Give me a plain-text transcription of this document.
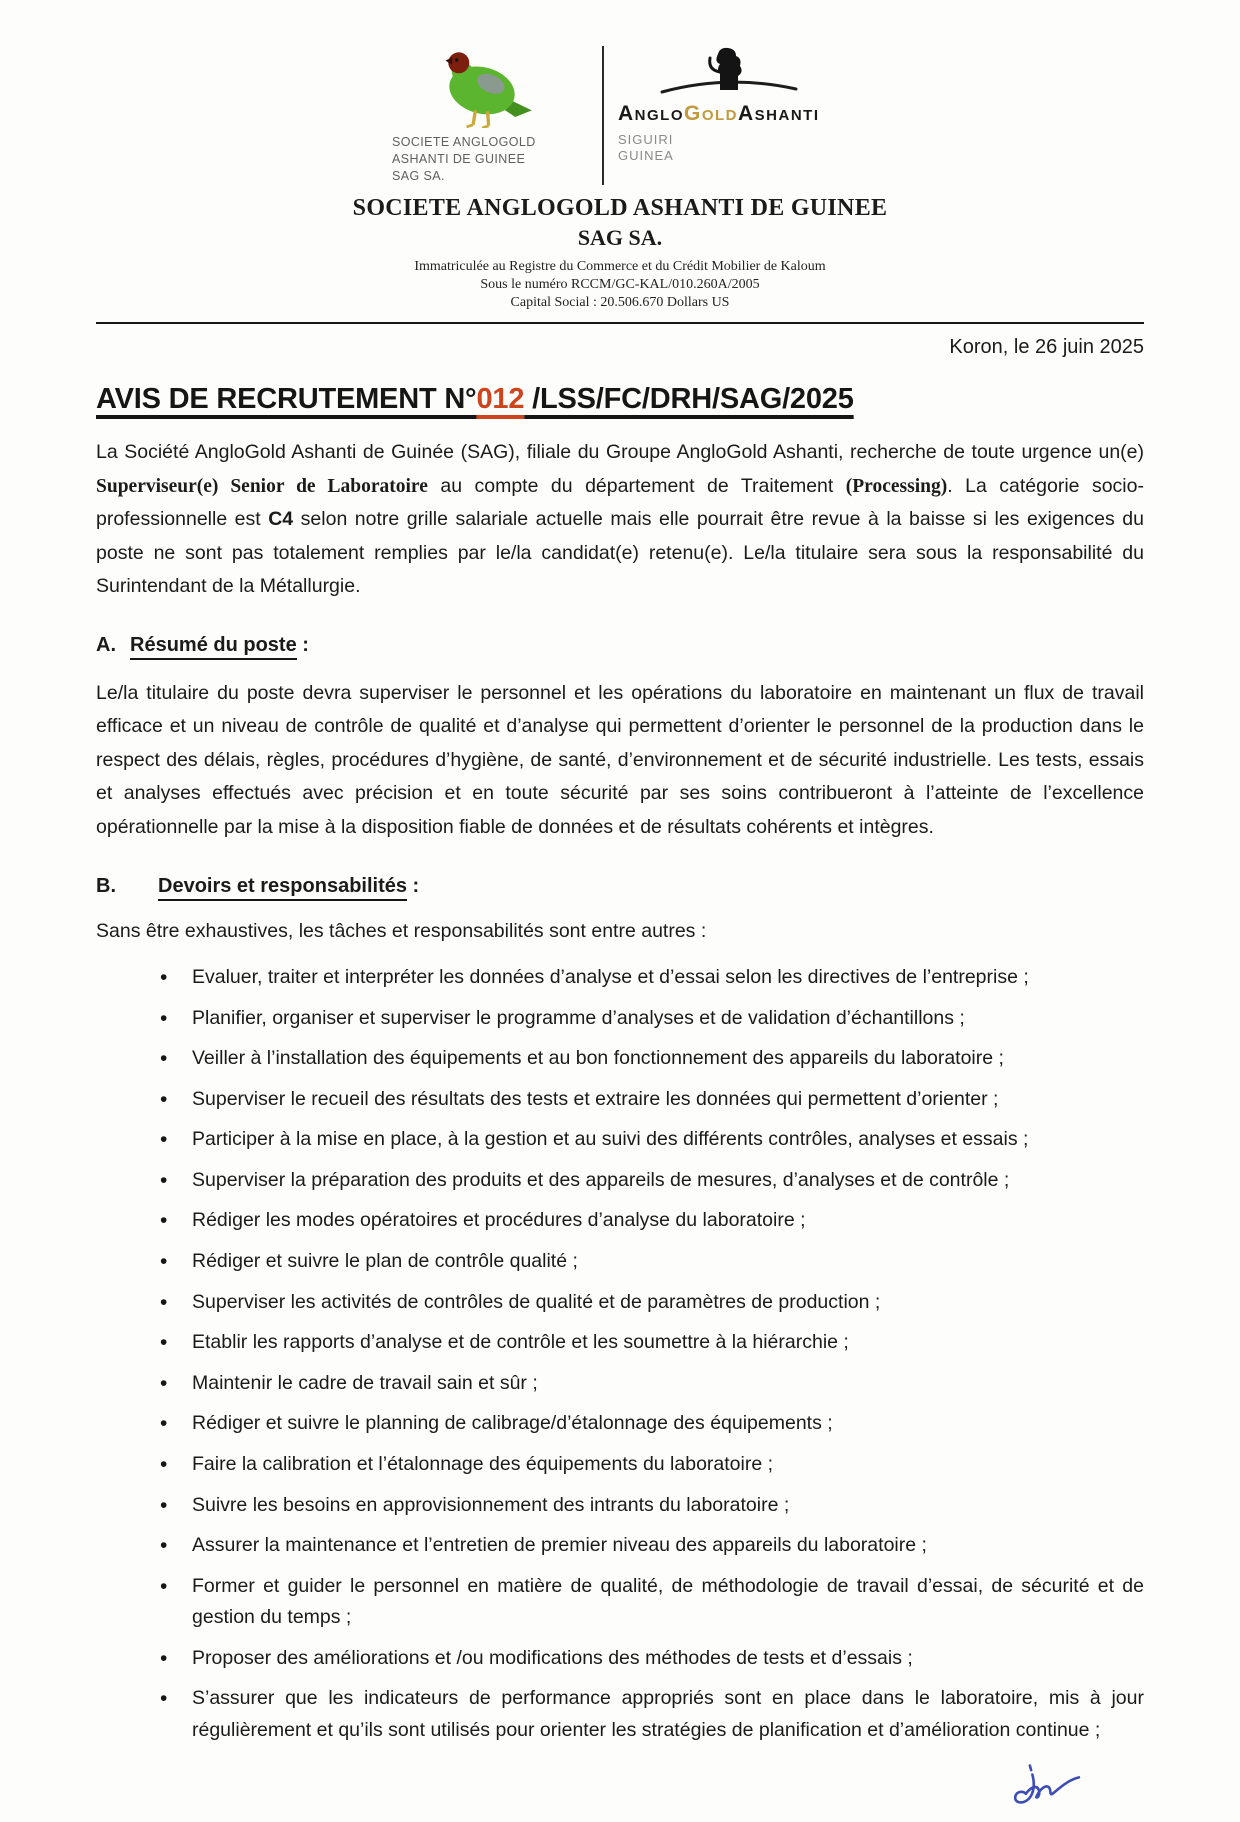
SOCIETE ANGLOGOLD
ASHANTI DE GUINEE
SAG SA.
AngloGoldAshanti
SIGUIRI
GUINEA
SOCIETE ANGLOGOLD ASHANTI DE GUINEE
SAG SA.
Immatriculée au Registre du Commerce et du Crédit Mobilier de Kaloum
Sous le numéro RCCM/GC-KAL/010.260A/2005
Capital Social : 20.506.670 Dollars US
Koron, le 26 juin 2025
AVIS DE RECRUTEMENT N°012 /LSS/FC/DRH/SAG/2025

La Société AngloGold Ashanti de Guinée (SAG), filiale du Groupe AngloGold Ashanti, recherche de toute urgence un(e) Superviseur(e) Senior de Laboratoire au compte du département de Traitement (Processing). La catégorie socio-professionnelle est C4 selon notre grille salariale actuelle mais elle pourrait être revue à la baisse si les exigences du poste ne sont pas totalement remplies par le/la candidat(e) retenu(e). Le/la titulaire sera sous la responsabilité du Surintendant de la Métallurgie.

A. Résumé du poste :

Le/la titulaire du poste devra superviser le personnel et les opérations du laboratoire en maintenant un flux de travail efficace et un niveau de contrôle de qualité et d’analyse qui permettent d’orienter le personnel de la production dans le respect des délais, règles, procédures d’hygiène, de santé, d’environnement et de sécurité industrielle. Les tests, essais et analyses effectués avec précision et en toute sécurité par ses soins contribueront à l’atteinte de l’excellence opérationnelle par la mise à la disposition fiable de données et de résultats cohérents et intègres.

B.	Devoirs et responsabilités :

Sans être exhaustives, les tâches et responsabilités sont entre autres :

• Evaluer, traiter et interpréter les données d’analyse et d’essai selon les directives de l’entreprise ;
• Planifier, organiser et superviser le programme d’analyses et de validation d’échantillons ;
• Veiller à l’installation des équipements et au bon fonctionnement des appareils du laboratoire ;
• Superviser le recueil des résultats des tests et extraire les données qui permettent d’orienter ;
• Participer à la mise en place, à la gestion et au suivi des différents contrôles, analyses et essais ;
• Superviser la préparation des produits et des appareils de mesures, d’analyses et de contrôle ;
• Rédiger les modes opératoires et procédures d’analyse du laboratoire ;
• Rédiger et suivre le plan de contrôle qualité ;
• Superviser les activités de contrôles de qualité et de paramètres de production ;
• Etablir les rapports d’analyse et de contrôle et les soumettre à la hiérarchie ;
• Maintenir le cadre de travail sain et sûr ;
• Rédiger et suivre le planning de calibrage/d’étalonnage des équipements ;
• Faire la calibration et l’étalonnage des équipements du laboratoire ;
• Suivre les besoins en approvisionnement des intrants du laboratoire ;
• Assurer la maintenance et l’entretien de premier niveau des appareils du laboratoire ;
• Former et guider le personnel en matière de qualité, de méthodologie de travail d’essai, de sécurité et de gestion du temps ;
• Proposer des améliorations et /ou modifications des méthodes de tests et d’essais ;
• S’assurer que les indicateurs de performance appropriés sont en place dans le laboratoire, mis à jour régulièrement et qu’ils sont utilisés pour orienter les stratégies de planification et d’amélioration continue ;
